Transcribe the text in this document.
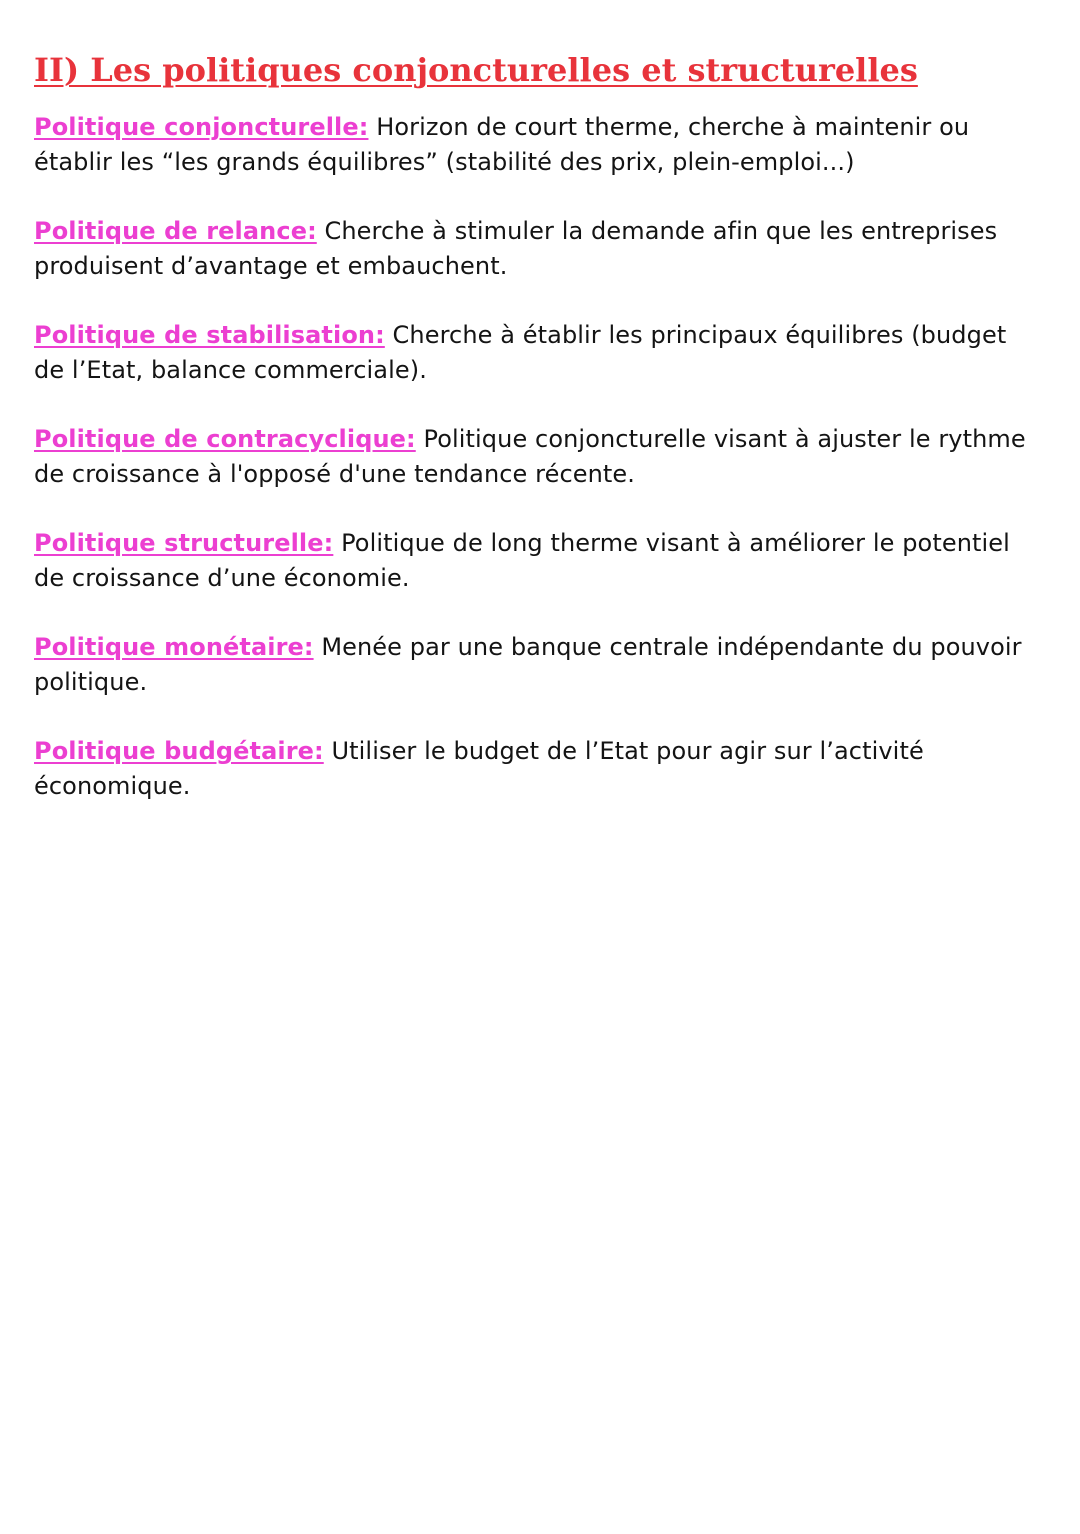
II) Les politiques conjoncturelles et structurelles

Politique conjoncturelle: Horizon de court therme, cherche à maintenir ou établir les “les grands équilibres” (stabilité des prix, plein-emploi...)

Politique de relance: Cherche à stimuler la demande afin que les entreprises produisent d’avantage et embauchent.

Politique de stabilisation: Cherche à établir les principaux équilibres (budget de l’Etat, balance commerciale).

Politique de contracyclique: Politique conjoncturelle visant à ajuster le rythme de croissance à l'opposé d'une tendance récente.

Politique structurelle: Politique de long therme visant à améliorer le potentiel de croissance d’une économie.

Politique monétaire: Menée par une banque centrale indépendante du pouvoir politique.

Politique budgétaire: Utiliser le budget de l’Etat pour agir sur l’activité économique.
